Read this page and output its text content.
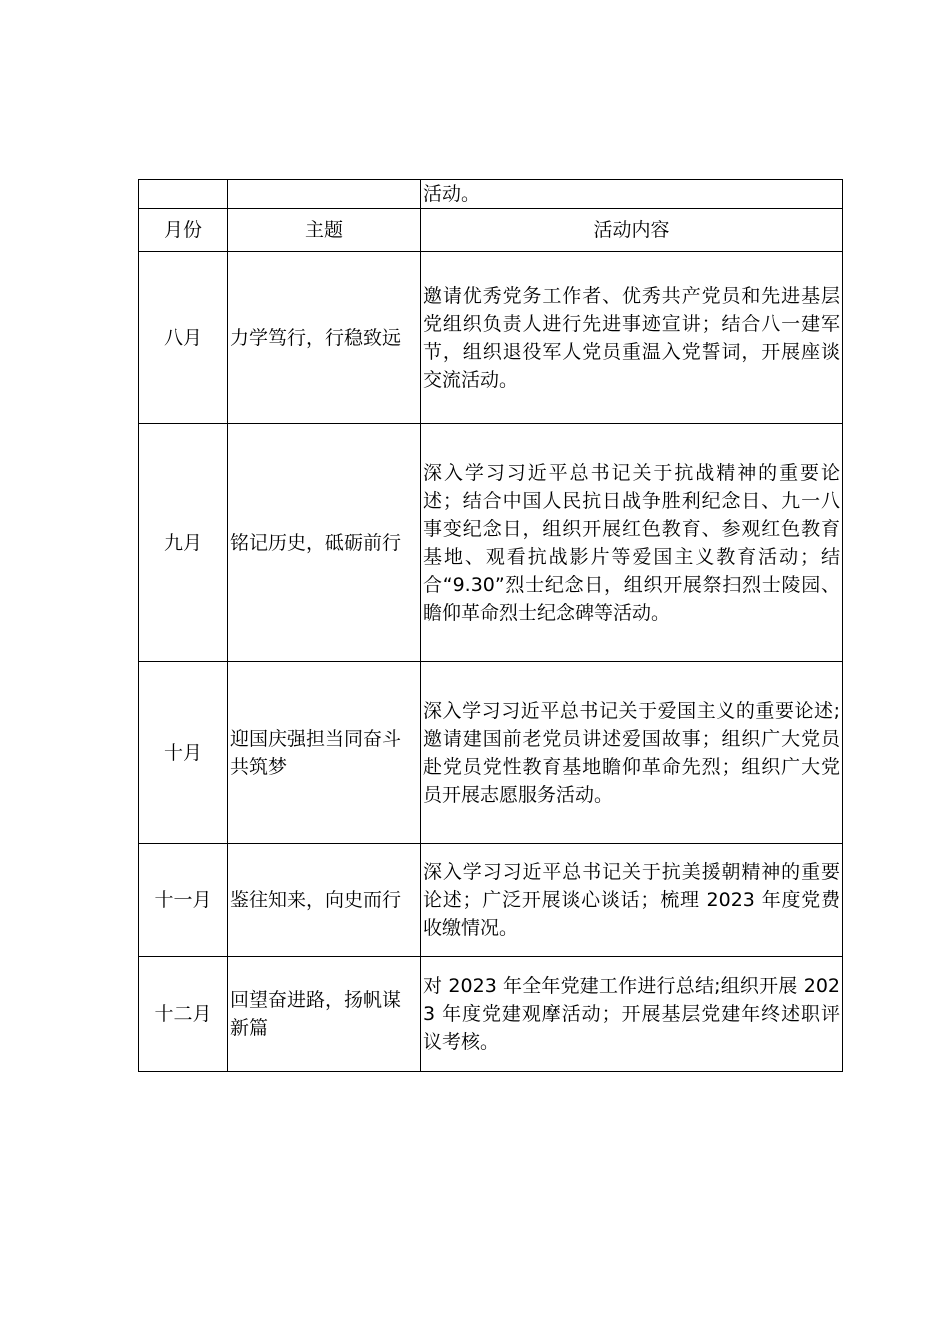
		活动。
月份	主题	活动内容
八月	力学笃行，行稳致远	邀请优秀党务工作者、优秀共产党员和先进基层党组织负责人进行先进事迹宣讲；结合八一建军节，组织退役军人党员重温入党誓词，开展座谈交流活动。
九月	铭记历史，砥砺前行	深入学习习近平总书记关于抗战精神的重要论述；结合中国人民抗日战争胜利纪念日、九一八事变纪念日，组织开展红色教育、参观红色教育基地、观看抗战影片等爱国主义教育活动；结合“9.30”烈士纪念日，组织开展祭扫烈士陵园、瞻仰革命烈士纪念碑等活动。
十月	迎国庆强担当同奋斗共筑梦	深入学习习近平总书记关于爱国主义的重要论述;邀请建国前老党员讲述爱国故事；组织广大党员赴党员党性教育基地瞻仰革命先烈；组织广大党员开展志愿服务活动。
十一月	鉴往知来，向史而行	深入学习习近平总书记关于抗美援朝精神的重要论述；广泛开展谈心谈话；梳理 2023 年度党费收缴情况。
十二月	回望奋进路，扬帆谋新篇	对 2023 年全年党建工作进行总结;组织开展 2023 年度党建观摩活动；开展基层党建年终述职评议考核。
